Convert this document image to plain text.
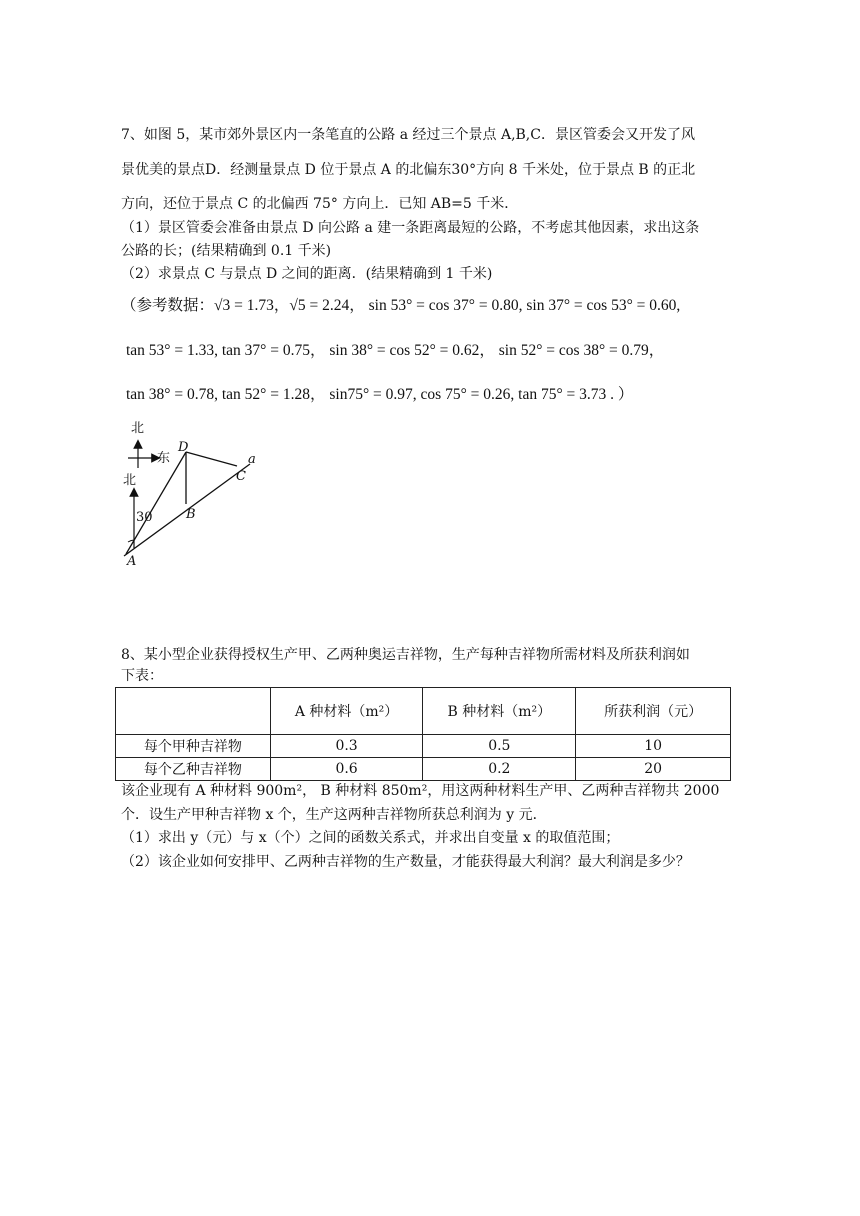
7、如图 5，某市郊外景区内一条笔直的公路 a 经过三个景点 A,B,C．景区管委会又开发了风
景优美的景点D．经测量景点 D 位于景点 A 的北偏东30°方向 8 千米处，位于景点 B 的正北
方向，还位于景点 C 的北偏西 75° 方向上．已知 AB=5 千米．
（1）景区管委会准备由景点 D 向公路 a 建一条距离最短的公路，不考虑其他因素，求出这条
公路的长；(结果精确到 0.1 千米)
（2）求景点 C 与景点 D 之间的距离．(结果精确到 1 千米)
（参考数据：√3 = 1.73，√5 = 2.24， sin 53° = cos 37° = 0.80, sin 37° = cos 53° = 0.60,
tan 53° = 1.33, tan 37° = 0.75， sin 38° = cos 52° = 0.62， sin 52° = cos 38° = 0.79，
tan 38° = 0.78, tan 52° = 1.28， sin75° = 0.97, cos 75° = 0.26, tan 75° = 3.73 . ）
北
东
北
30
A
B
C
D
a
8、某小型企业获得授权生产甲、乙两种奥运吉祥物，生产每种吉祥物所需材料及所获利润如
下表：
	A 种材料（m²）	B 种材料（m²）	所获利润（元）
每个甲种吉祥物	0.3	0.5	10
每个乙种吉祥物	0.6	0.2	20
该企业现有 A 种材料 900m²， B 种材料 850m²，用这两种材料生产甲、乙两种吉祥物共 2000
个．设生产甲种吉祥物 x 个，生产这两种吉祥物所获总利润为 y 元．
（1）求出 y（元）与 x（个）之间的函数关系式，并求出自变量 x 的取值范围；
（2）该企业如何安排甲、乙两种吉祥物的生产数量，才能获得最大利润？最大利润是多少？
